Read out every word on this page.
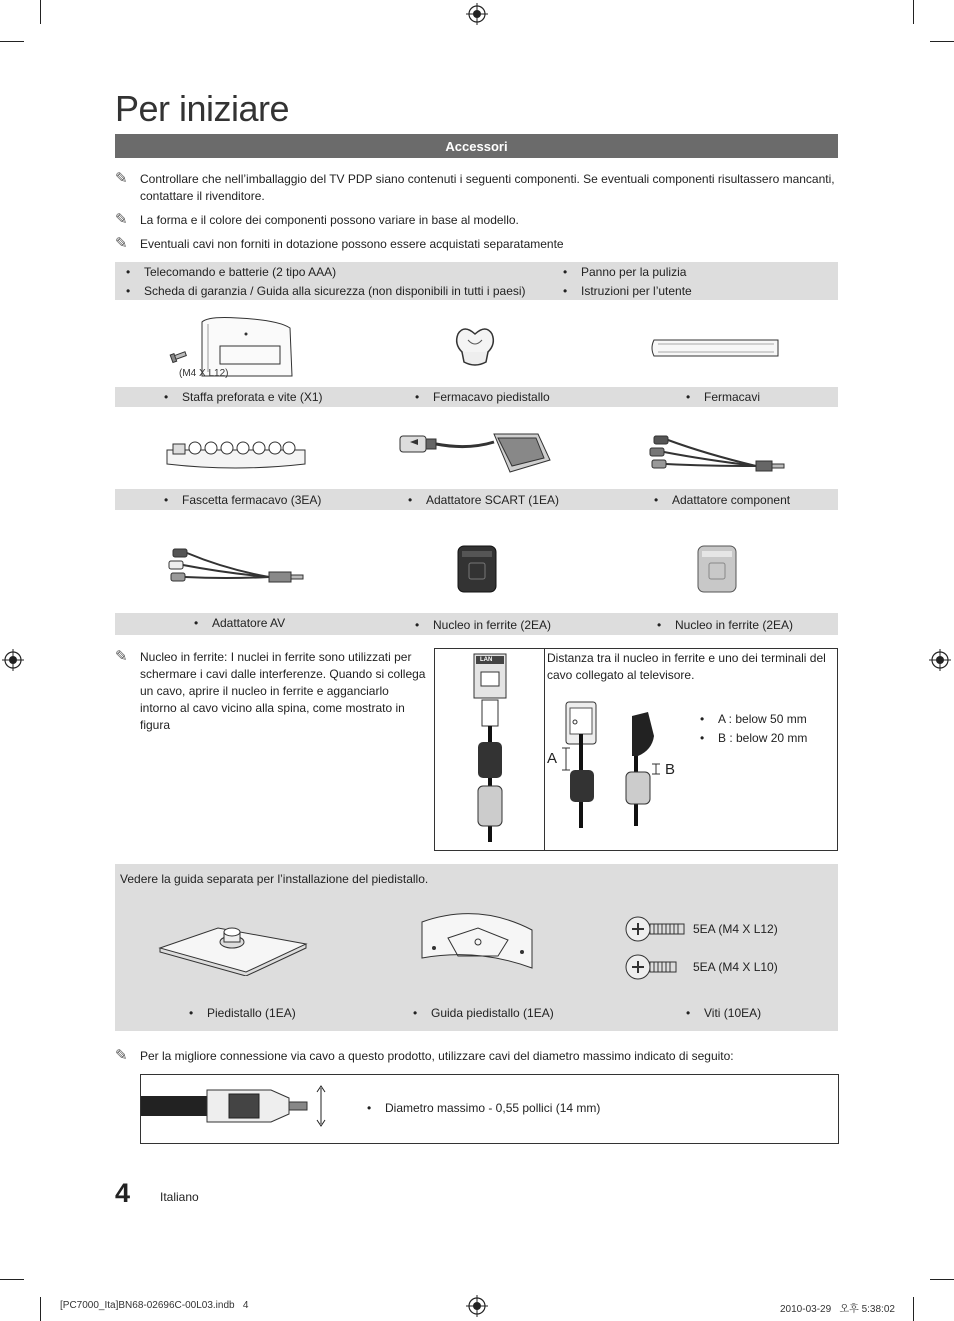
Per iniziare
Accessori
✎	Controllare che nell’imballaggio del TV PDP siano contenuti i seguenti componenti. Se eventuali componenti risultassero mancanti, contattare il rivenditore.
✎	La forma e il colore dei componenti possono variare in base al modello.
✎	Eventuali cavi non forniti in dotazione possono essere acquistati separatamente
• Telecomando e batterie (2 tipo AAA)
• Scheda di garanzia / Guida alla sicurezza (non disponibili in tutti i paesi)
• Panno per la pulizia
• Istruzioni per l’utente
(M4 X L12)
• Staffa preforata e vite (X1)	• Fermacavo piedistallo	• Fermacavi
• Fascetta fermacavo (3EA)	• Adattatore SCART (1EA)	• Adattatore component
• Adattatore AV	• Nucleo in ferrite (2EA)	• Nucleo in ferrite (2EA)
✎	Nucleo in ferrite: I nuclei in ferrite sono utilizzati per schermare i cavi dalle interferenze. Quando si collega un cavo, aprire il nucleo in ferrite e agganciarlo intorno al cavo vicino alla spina, come mostrato in figura
LAN	Distanza tra il nucleo in ferrite e uno dei terminali del cavo collegato al televisore.
A
B
• A : below 50 mm
• B : below 20 mm
Vedere la guida separata per l’installazione del piedistallo.
5EA (M4 X L12)
5EA (M4 X L10)
• Piedistallo (1EA)	• Guida piedistallo (1EA)	• Viti (10EA)
✎	Per la migliore connessione via cavo a questo prodotto, utilizzare cavi del diametro massimo indicato di seguito:
• Diametro massimo - 0,55 pollici (14 mm)
4 Italiano
[PC7000_Ita]BN68-02696C-00L03.indb   4	2010-03-29   오후 5:38:02
